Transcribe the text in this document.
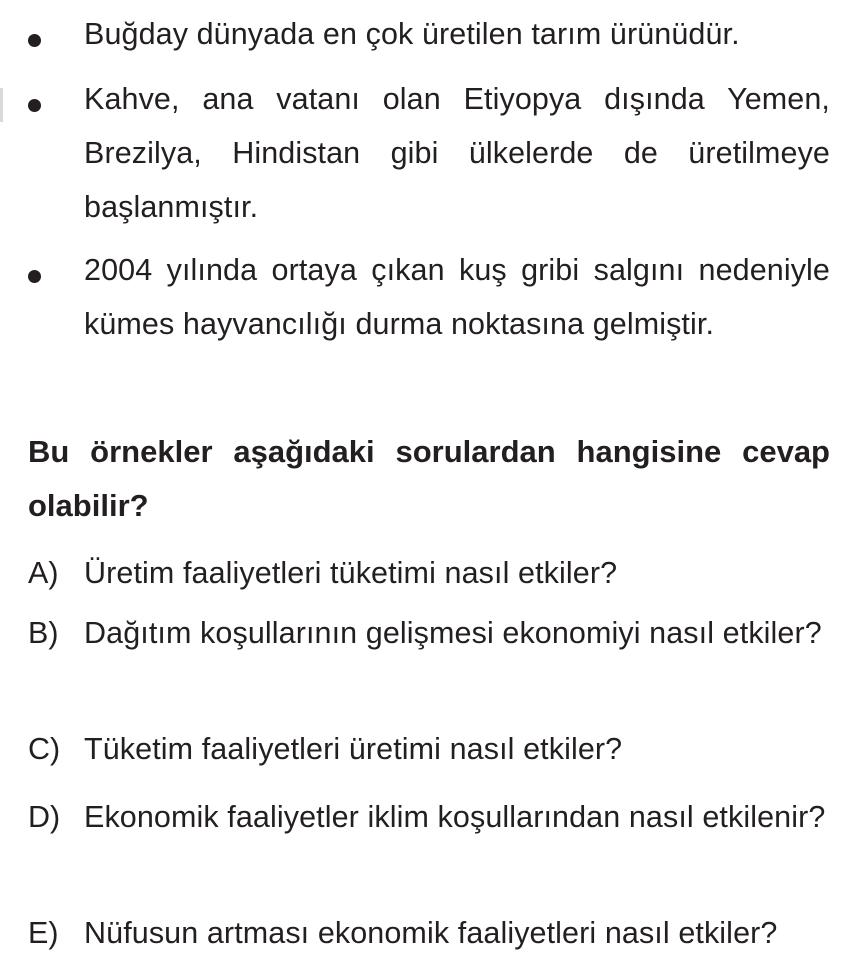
Buğday dünyada en çok üretilen tarım ürünüdür.
Kahve, ana vatanı olan Etiyopya dışında Yemen, Brezilya, Hindistan gibi ülkelerde de üretilmeye başlanmıştır.
2004 yılında ortaya çıkan kuş gribi salgını nedeniyle kümes hayvancılığı durma noktasına gelmiştir.
Bu örnekler aşağıdaki sorulardan hangisine cevap olabilir?
A) Üretim faaliyetleri tüketimi nasıl etkiler?
B) Dağıtım koşullarının gelişmesi ekonomiyi nasıl etkiler?
C) Tüketim faaliyetleri üretimi nasıl etkiler?
D) Ekonomik faaliyetler iklim koşullarından nasıl etkilenir?
E) Nüfusun artması ekonomik faaliyetleri nasıl etkiler?
